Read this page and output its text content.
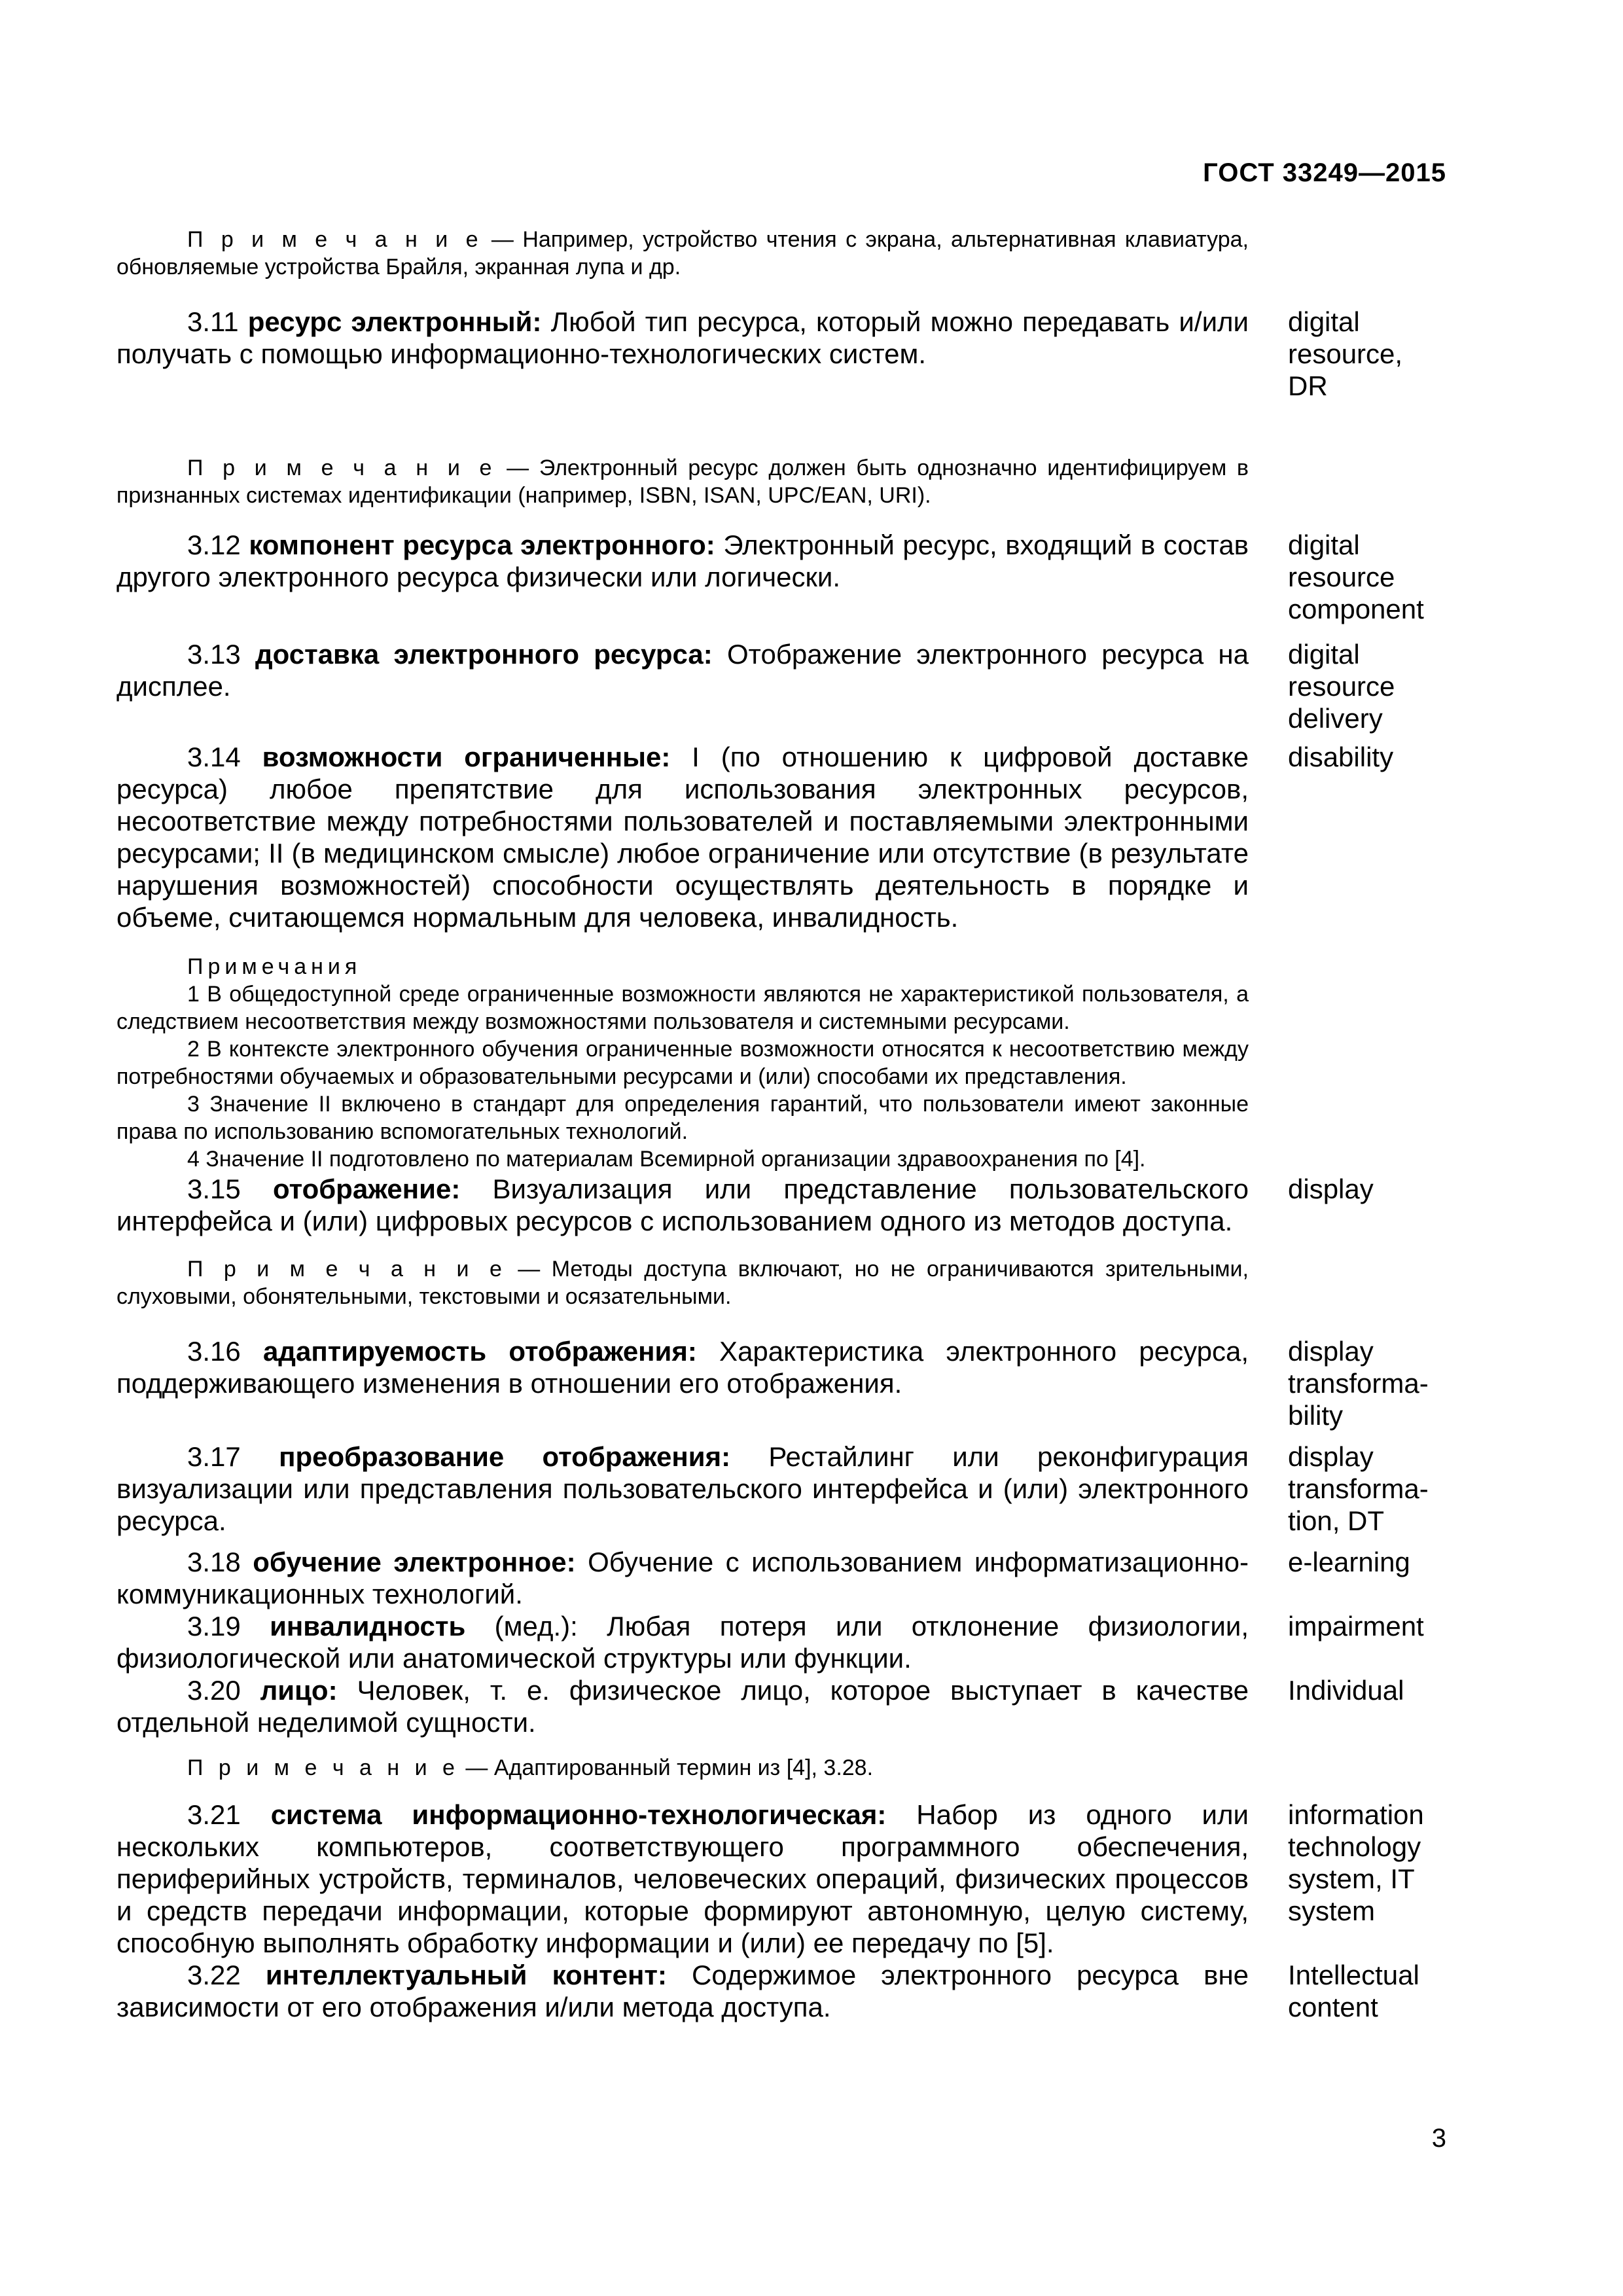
ГОСТ 33249—2015

П р и м е ч а н и е — Например, устройство чтения с экрана, альтернативная клавиатура, обновляемые устройства Брайля, экранная лупа и др.

3.11 ресурс электронный: Любой тип ресурса, который можно передавать и/или получать с помощью информационно-технологических систем.

digital resource, DR

П р и м е ч а н и е — Электронный ресурс должен быть однозначно идентифицируем в признанных системах идентификации (например, ISBN, ISAN, UPC/EAN, URI).

3.12 компонент ресурса электронного: Электронный ресурс, входящий в состав другого электронного ресурса физически или логически.

digital resource component

3.13 доставка электронного ресурса: Отображение электронного ресурса на дисплее.

digital resource delivery

3.14 возможности ограниченные: I (по отношению к цифровой доставке ресурса) любое препятствие для использования электронных ресурсов, несоответствие между потребностями пользователей и поставляемыми электронными ресурсами; II (в медицинском смысле) любое ограничение или отсутствие (в результате нарушения возможностей) способности осуществлять деятельность в порядке и объеме, считающемся нормальным для человека, инвалидность.

disability
Примечания

1 В общедоступной среде ограниченные возможности являются не характеристикой пользователя, а следствием несоответствия между возможностями пользователя и системными ресурсами.

2 В контексте электронного обучения ограниченные возможности относятся к несоответствию между потребностями обучаемых и образовательными ресурсами и (или) способами их представления.

3 Значение II включено в стандарт для определения гарантий, что пользователи имеют законные права по использованию вспомогательных технологий.

4 Значение II подготовлено по материалам Всемирной организации здравоохранения по [4].

3.15 отображение: Визуализация или представление пользовательского интерфейса и (или) цифровых ресурсов с использованием одного из методов доступа.

display

П р и м е ч а н и е — Методы доступа включают, но не ограничиваются зрительными, слуховыми, обонятельными, текстовыми и осязательными.

3.16 адаптируемость отображения: Характеристика электронного ресурса, поддерживающего изменения в отношении его отображения.

display transforma-bility

3.17 преобразование отображения: Рестайлинг или реконфигурация визуализации или представления пользовательского интерфейса и (или) электронного ресурса.

display transforma-tion, DT

3.18 обучение электронное: Обучение с использованием информатизационно-коммуникационных технологий.

e-learning

3.19 инвалидность (мед.): Любая потеря или отклонение физиологии, физиологической или анатомической структуры или функции.

impairment

3.20 лицо: Человек, т. е. физическое лицо, которое выступает в качестве отдельной неделимой сущности.

Individual

П р и м е ч а н и е — Адаптированный термин из [4], 3.28.

3.21 система информационно-технологическая: Набор из одного или нескольких компьютеров, соответствующего программного обеспечения, периферийных устройств, терминалов, человеческих операций, физических процессов и средств передачи информации, которые формируют автономную, целую систему, способную выполнять обработку информации и (или) ее передачу по [5].

information technology system, IT system

3.22 интеллектуальный контент: Содержимое электронного ресурса вне зависимости от его отображения и/или метода доступа.

Intellectual content
3
